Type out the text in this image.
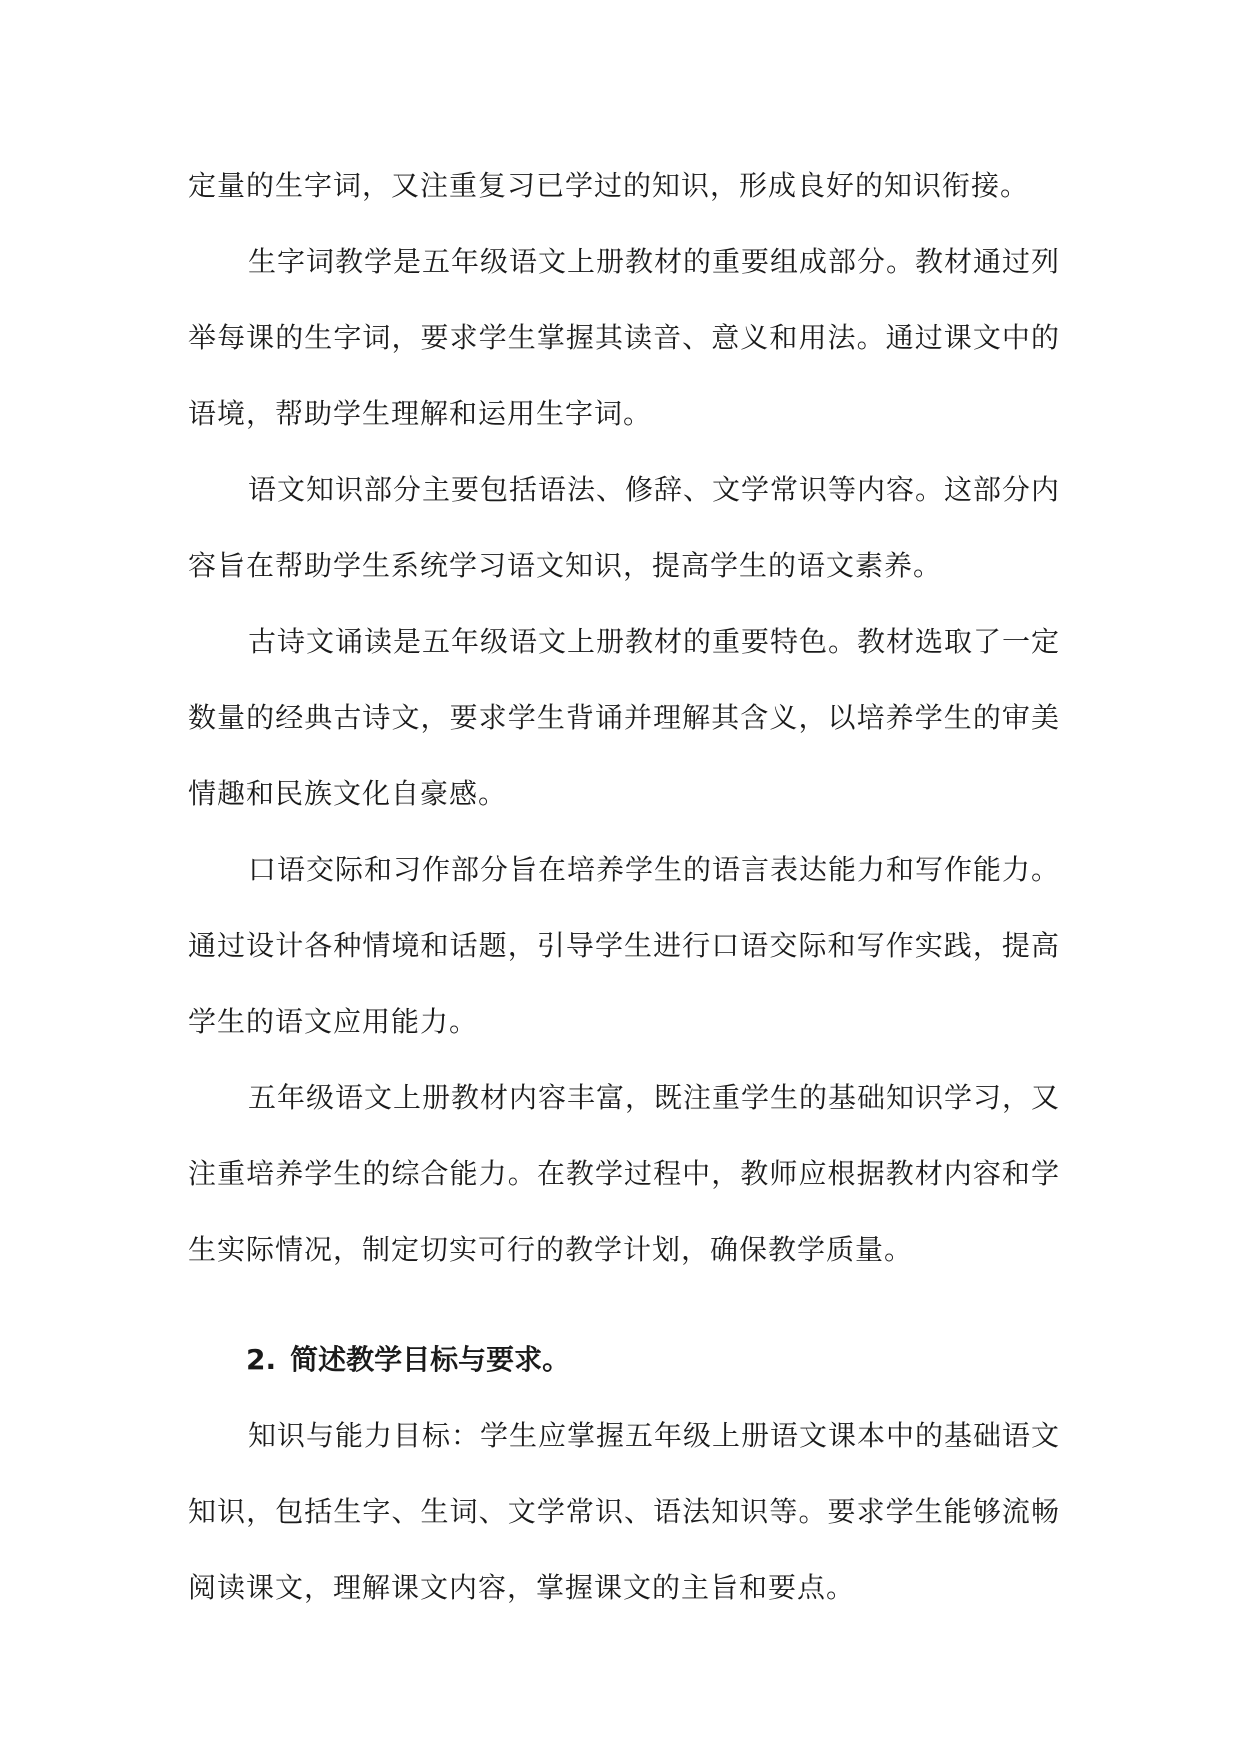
定量的生字词，又注重复习已学过的知识，形成良好的知识衔接。

生字词教学是五年级语文上册教材的重要组成部分。教材通过列举每课的生字词，要求学生掌握其读音、意义和用法。通过课文中的语境，帮助学生理解和运用生字词。

语文知识部分主要包括语法、修辞、文学常识等内容。这部分内容旨在帮助学生系统学习语文知识，提高学生的语文素养。

古诗文诵读是五年级语文上册教材的重要特色。教材选取了一定数量的经典古诗文，要求学生背诵并理解其含义，以培养学生的审美情趣和民族文化自豪感。

口语交际和习作部分旨在培养学生的语言表达能力和写作能力。通过设计各种情境和话题，引导学生进行口语交际和写作实践，提高学生的语文应用能力。

五年级语文上册教材内容丰富，既注重学生的基础知识学习，又注重培养学生的综合能力。在教学过程中，教师应根据教材内容和学生实际情况，制定切实可行的教学计划，确保教学质量。

2. 简述教学目标与要求。

知识与能力目标：学生应掌握五年级上册语文课本中的基础语文知识，包括生字、生词、文学常识、语法知识等。要求学生能够流畅阅读课文，理解课文内容，掌握课文的主旨和要点。
